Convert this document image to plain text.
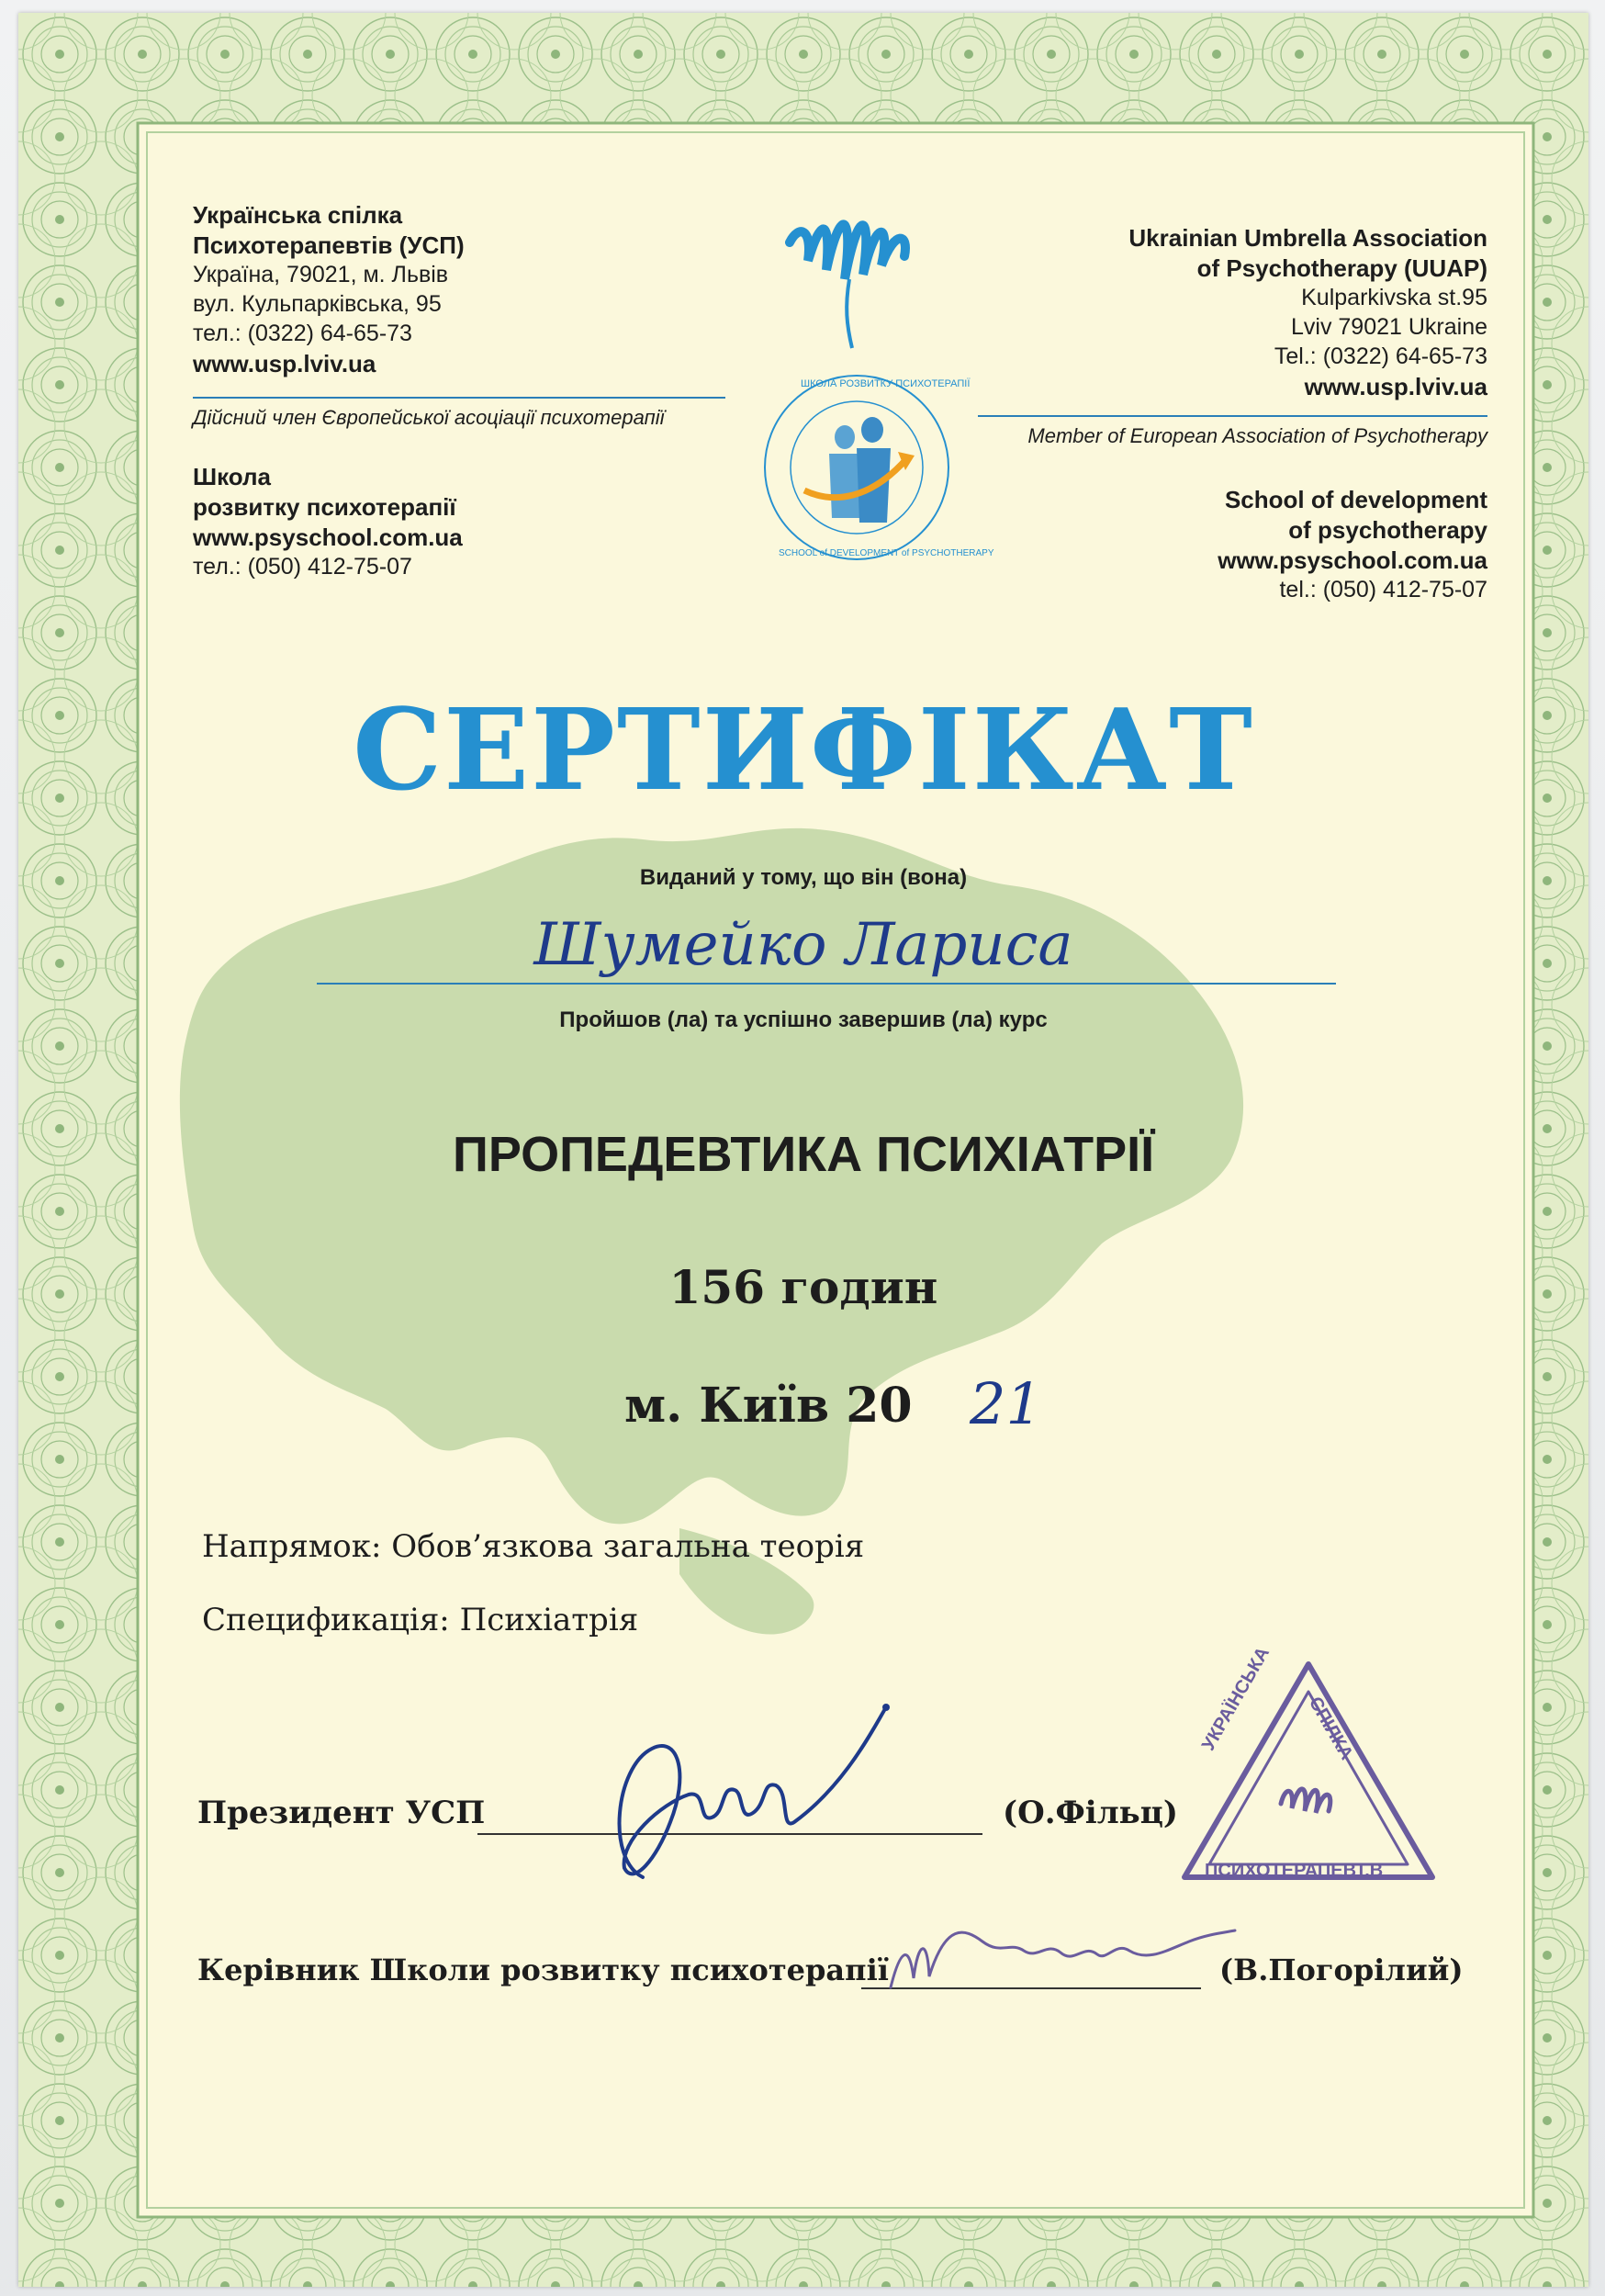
Українська спілка
Психотерапевтів (УСП)
Україна, 79021, м. Львів
вул. Кульпарківська, 95
тел.: (0322) 64-65-73
www.usp.lviv.ua
Дійсний член Європейської асоціації психотерапії
Школа
розвитку психотерапії
www.psyschool.com.ua
тел.: (050) 412-75-07
Ukrainian Umbrella Association
of Psychotherapy (UUAP)
Kulparkivska st.95
Lviv 79021 Ukraine
Tel.: (0322) 64-65-73
www.usp.lviv.ua
Member of European Association of Psychotherapy
School of development
of psychotherapy
www.psyschool.com.ua
tel.: (050) 412-75-07
ШКОЛА РОЗВИТКУ ПСИХОТЕРАПІЇ
SCHOOL of DEVELOPMENT of PSYCHOTHERAPY
СЕРТИФІКАТ
Виданий у тому, що він (вона)
Шумейко Лариса
Пройшов (ла) та успішно завершив (ла) курс
ПРОПЕДЕВТИКА ПСИХІАТРІЇ
156 годин
м. Київ 20 21
Напрямок: Обов’язкова загальна теорія
Спецификація: Психіатрія
Президент УСП	(О.Фільц)
УКРАЇНСЬКА СПІЛКА
ПСИХОТЕРАПЕВТ.В
Керівник Школи розвитку психотерапії	(В.Погорілий)
